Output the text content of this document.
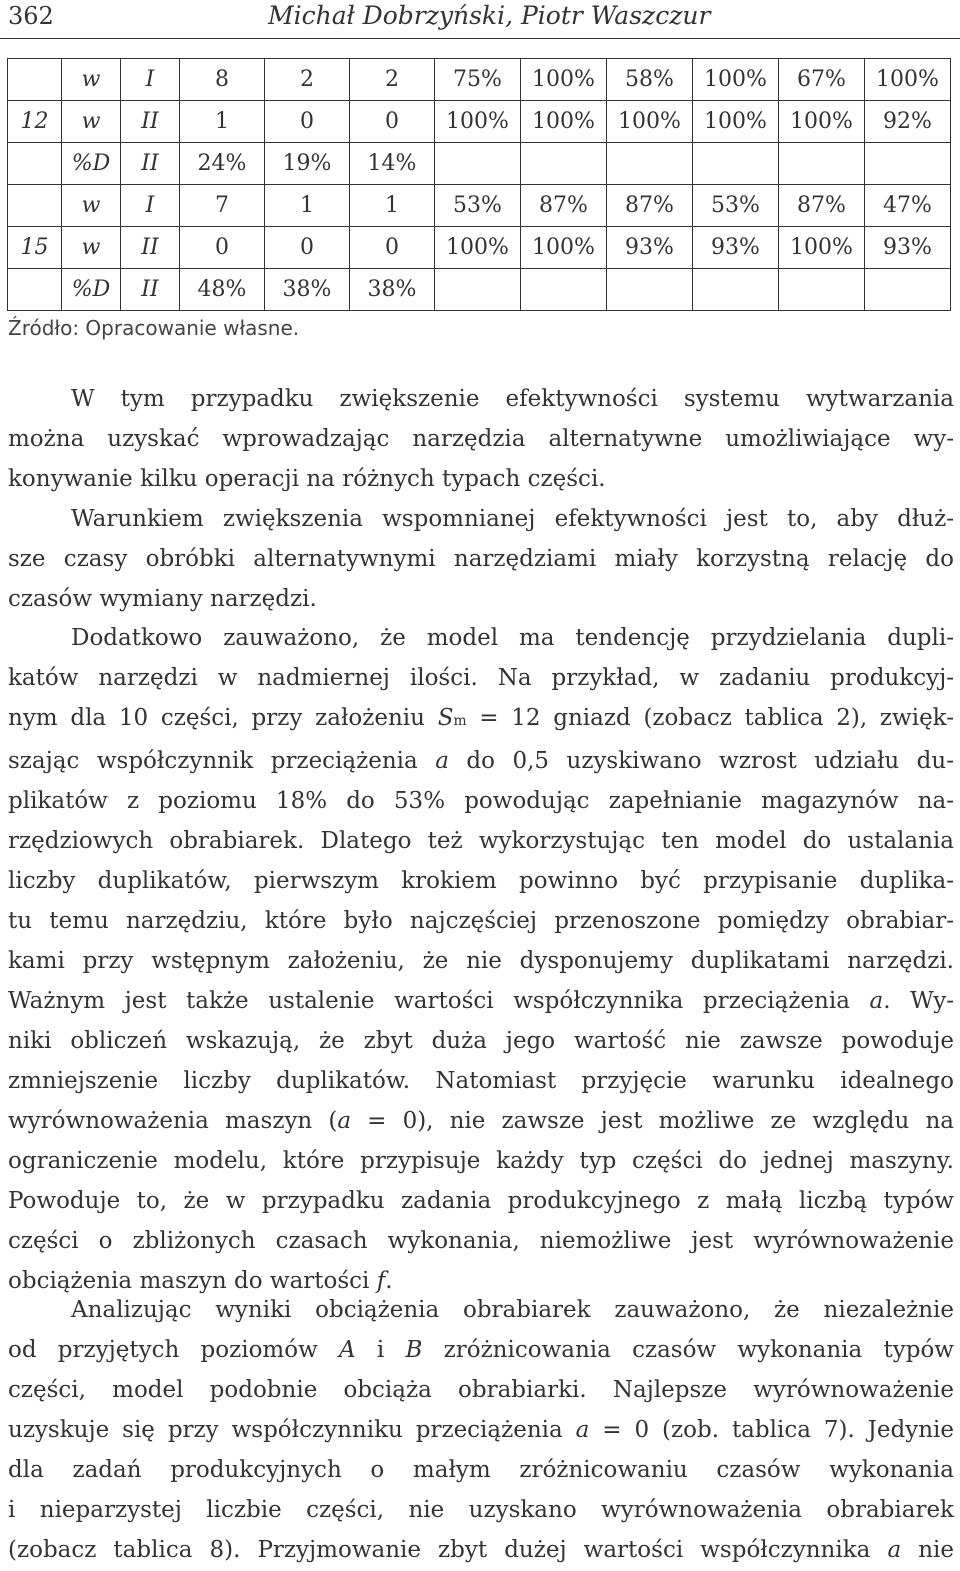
362	Michał Dobrzyński, Piotr Waszczur
	w	I	8	2	2	75%	100%	58%	100%	67%	100%
12	w	II	1	0	0	100%	100%	100%	100%	100%	92%
	%D	II	24%	19%	14%						
	w	I	7	1	1	53%	87%	87%	53%	87%	47%
15	w	II	0	0	0	100%	100%	93%	93%	100%	93%
	%D	II	48%	38%	38%						
Źródło: Opracowanie własne.
W tym przypadku zwiększenie efektywności systemu wytwarzania
można uzyskać wprowadzając narzędzia alternatywne umożliwiające wy-
konywanie kilku operacji na różnych typach części.
Warunkiem zwiększenia wspomnianej efektywności jest to, aby dłuż-
sze czasy obróbki alternatywnymi narzędziami miały korzystną relację do
czasów wymiany narzędzi.
Dodatkowo zauważono, że model ma tendencję przydzielania dupli-
katów narzędzi w nadmiernej ilości. Na przykład, w zadaniu produkcyj-
nym dla 10 części, przy założeniu Sm = 12 gniazd (zobacz tablica 2), zwięk-
szając współczynnik przeciążenia a do 0,5 uzyskiwano wzrost udziału du-
plikatów z poziomu 18% do 53% powodując zapełnianie magazynów na-
rzędziowych obrabiarek. Dlatego też wykorzystując ten model do ustalania
liczby duplikatów, pierwszym krokiem powinno być przypisanie duplika-
tu temu narzędziu, które było najczęściej przenoszone pomiędzy obrabiar-
kami przy wstępnym założeniu, że nie dysponujemy duplikatami narzędzi.
Ważnym jest także ustalenie wartości współczynnika przeciążenia a. Wy-
niki obliczeń wskazują, że zbyt duża jego wartość nie zawsze powoduje
zmniejszenie liczby duplikatów. Natomiast przyjęcie warunku idealnego
wyrównoważenia maszyn (a = 0), nie zawsze jest możliwe ze względu na
ograniczenie modelu, które przypisuje każdy typ części do jednej maszyny.
Powoduje to, że w przypadku zadania produkcyjnego z małą liczbą typów
części o zbliżonych czasach wykonania, niemożliwe jest wyrównoważenie
obciążenia maszyn do wartości f.
Analizując wyniki obciążenia obrabiarek zauważono, że niezależnie
od przyjętych poziomów A i B zróżnicowania czasów wykonania typów
części, model podobnie obciąża obrabiarki. Najlepsze wyrównoważenie
uzyskuje się przy współczynniku przeciążenia a = 0 (zob. tablica 7). Jedynie
dla zadań produkcyjnych o małym zróżnicowaniu czasów wykonania
i nieparzystej liczbie części, nie uzyskano wyrównoważenia obrabiarek
(zobacz tablica 8). Przyjmowanie zbyt dużej wartości współczynnika a nie
